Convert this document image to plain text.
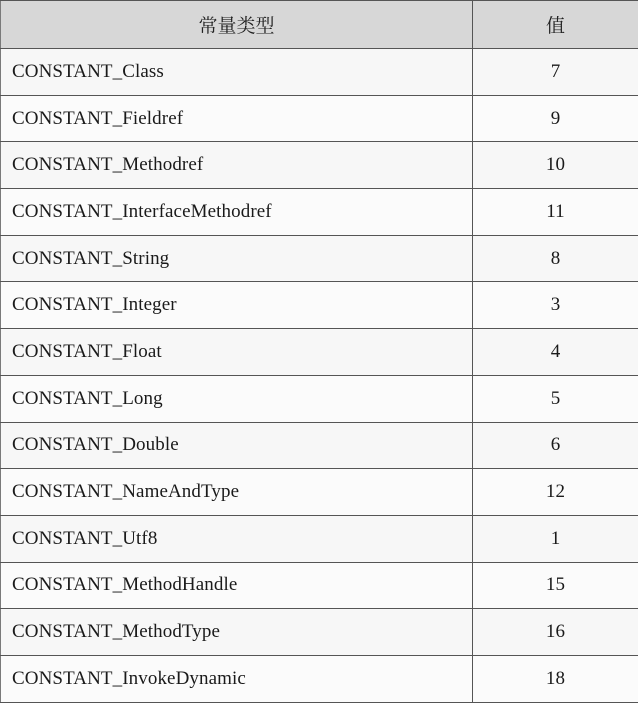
常量类型	值
CONSTANT_Class	7
CONSTANT_Fieldref	9
CONSTANT_Methodref	10
CONSTANT_InterfaceMethodref	11
CONSTANT_String	8
CONSTANT_Integer	3
CONSTANT_Float	4
CONSTANT_Long	5
CONSTANT_Double	6
CONSTANT_NameAndType	12
CONSTANT_Utf8	1
CONSTANT_MethodHandle	15
CONSTANT_MethodType	16
CONSTANT_InvokeDynamic	18
